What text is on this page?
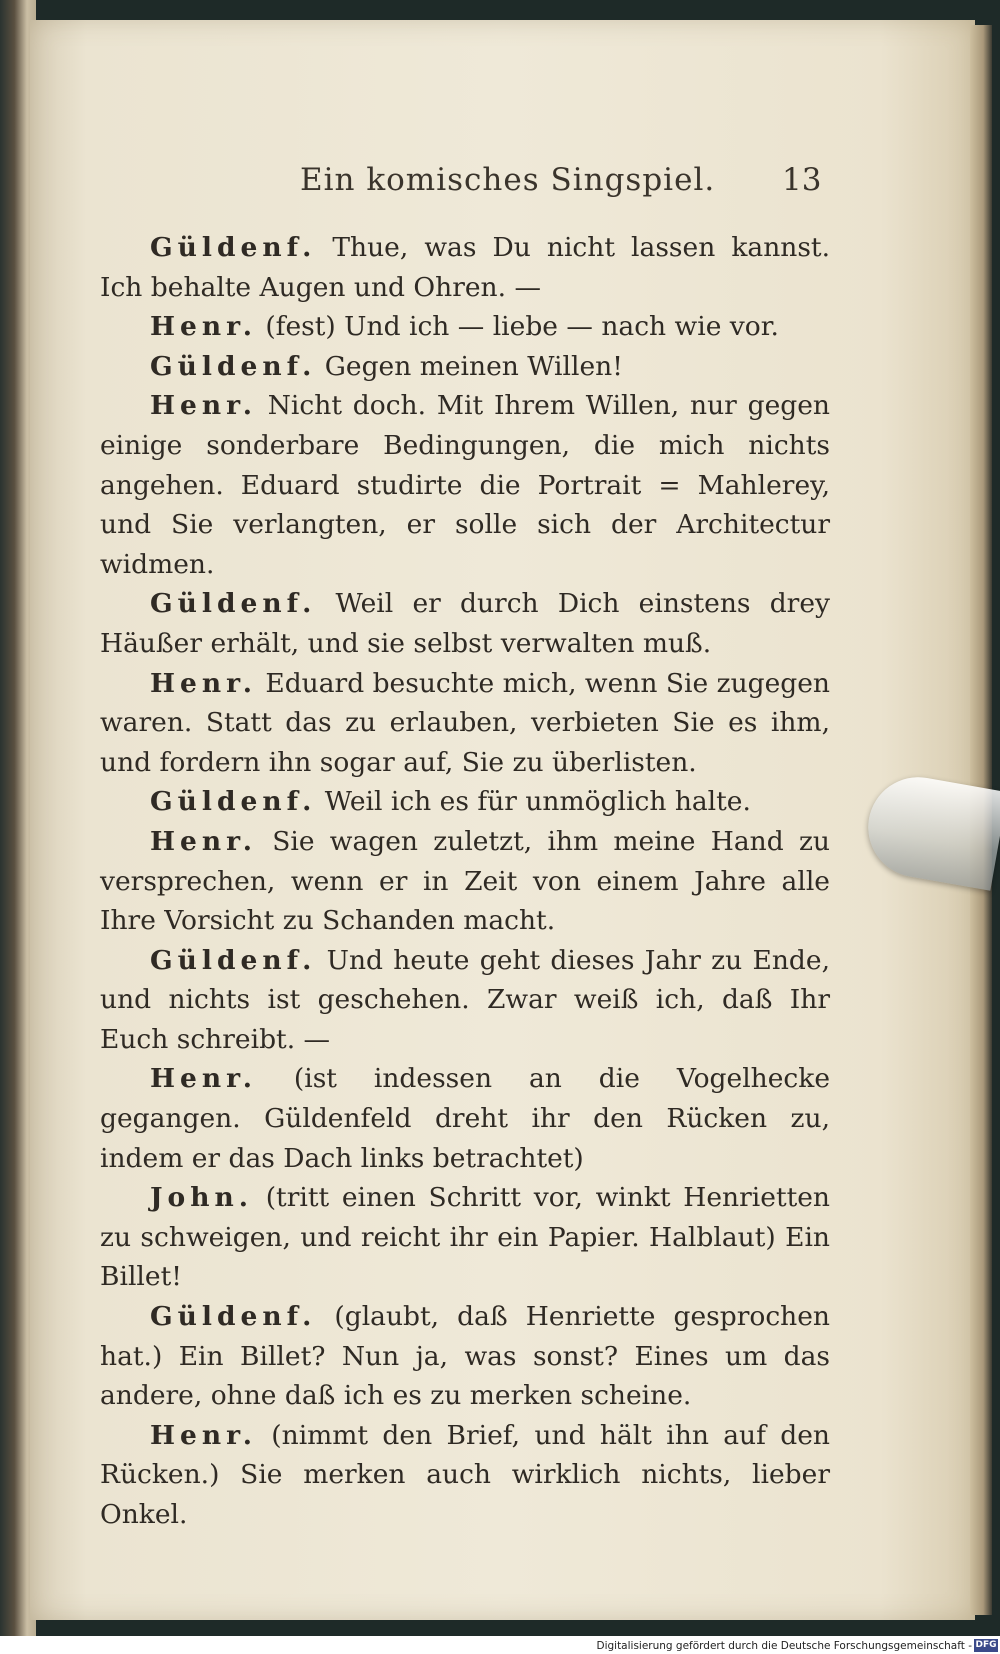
Ein komisches Singspiel. 13

Güldenf. Thue, was Du nicht lassen kannst. Ich behalte Augen und Ohren. —

Henr. (fest) Und ich — liebe — nach wie vor.

Güldenf. Gegen meinen Willen!

Henr. Nicht doch. Mit Ihrem Willen, nur gegen einige sonderbare Bedingungen, die mich nichts angehen. Eduard studirte die Portrait = Mahlerey, und Sie verlangten, er solle sich der Architectur widmen.

Güldenf. Weil er durch Dich einstens drey Häußer erhält, und sie selbst verwalten muß.

Henr. Eduard besuchte mich, wenn Sie zugegen waren. Statt das zu erlauben, verbieten Sie es ihm, und fordern ihn sogar auf, Sie zu überlisten.

Güldenf. Weil ich es für unmöglich halte.

Henr. Sie wagen zuletzt, ihm meine Hand zu versprechen, wenn er in Zeit von einem Jahre alle Ihre Vorsicht zu Schanden macht.

Güldenf. Und heute geht dieses Jahr zu Ende, und nichts ist geschehen. Zwar weiß ich, daß Ihr Euch schreibt. —

Henr. (ist indessen an die Vogelhecke gegangen. Güldenfeld dreht ihr den Rücken zu, indem er das Dach links betrachtet)

John. (tritt einen Schritt vor, winkt Henrietten zu schweigen, und reicht ihr ein Papier. Halblaut) Ein Billet!

Güldenf. (glaubt, daß Henriette gesprochen hat.) Ein Billet? Nun ja, was sonst? Eines um das andere, ohne daß ich es zu merken scheine.

Henr. (nimmt den Brief, und hält ihn auf den Rücken.) Sie merken auch wirklich nichts, lieber Onkel.

Digitalisierung gefördert durch die Deutsche Forschungsgemeinschaft - DFG
